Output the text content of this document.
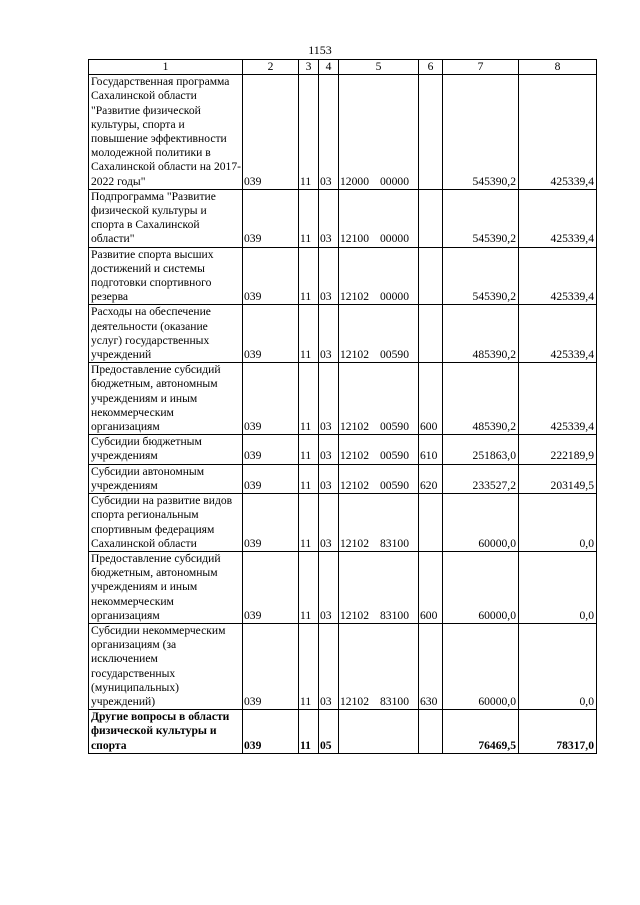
1153
1	2	3	4	5	6	7	8
Государственная программа Сахалинской области "Развитие физической культуры, спорта и повышение эффективности молодежной политики в Сахалинской области на 2017-2022 годы"	039	11	03	12000 00000		545390,2	425339,4
Подпрограмма "Развитие физической культуры и спорта в Сахалинской области"	039	11	03	12100 00000		545390,2	425339,4
Развитие спорта высших достижений и системы подготовки спортивного резерва	039	11	03	12102 00000		545390,2	425339,4
Расходы на обеспечение деятельности (оказание услуг) государственных учреждений	039	11	03	12102 00590		485390,2	425339,4
Предоставление субсидий бюджетным, автономным учреждениям и иным некоммерческим организациям	039	11	03	12102 00590	600	485390,2	425339,4
Субсидии бюджетным учреждениям	039	11	03	12102 00590	610	251863,0	222189,9
Субсидии автономным учреждениям	039	11	03	12102 00590	620	233527,2	203149,5
Субсидии на развитие видов спорта региональным спортивным федерациям Сахалинской области	039	11	03	12102 83100		60000,0	0,0
Предоставление субсидий бюджетным, автономным учреждениям и иным некоммерческим организациям	039	11	03	12102 83100	600	60000,0	0,0
Субсидии некоммерческим организациям (за исключением государственных (муниципальных) учреждений)	039	11	03	12102 83100	630	60000,0	0,0
Другие вопросы в области физической культуры и спорта	039	11	05			76469,5	78317,0
